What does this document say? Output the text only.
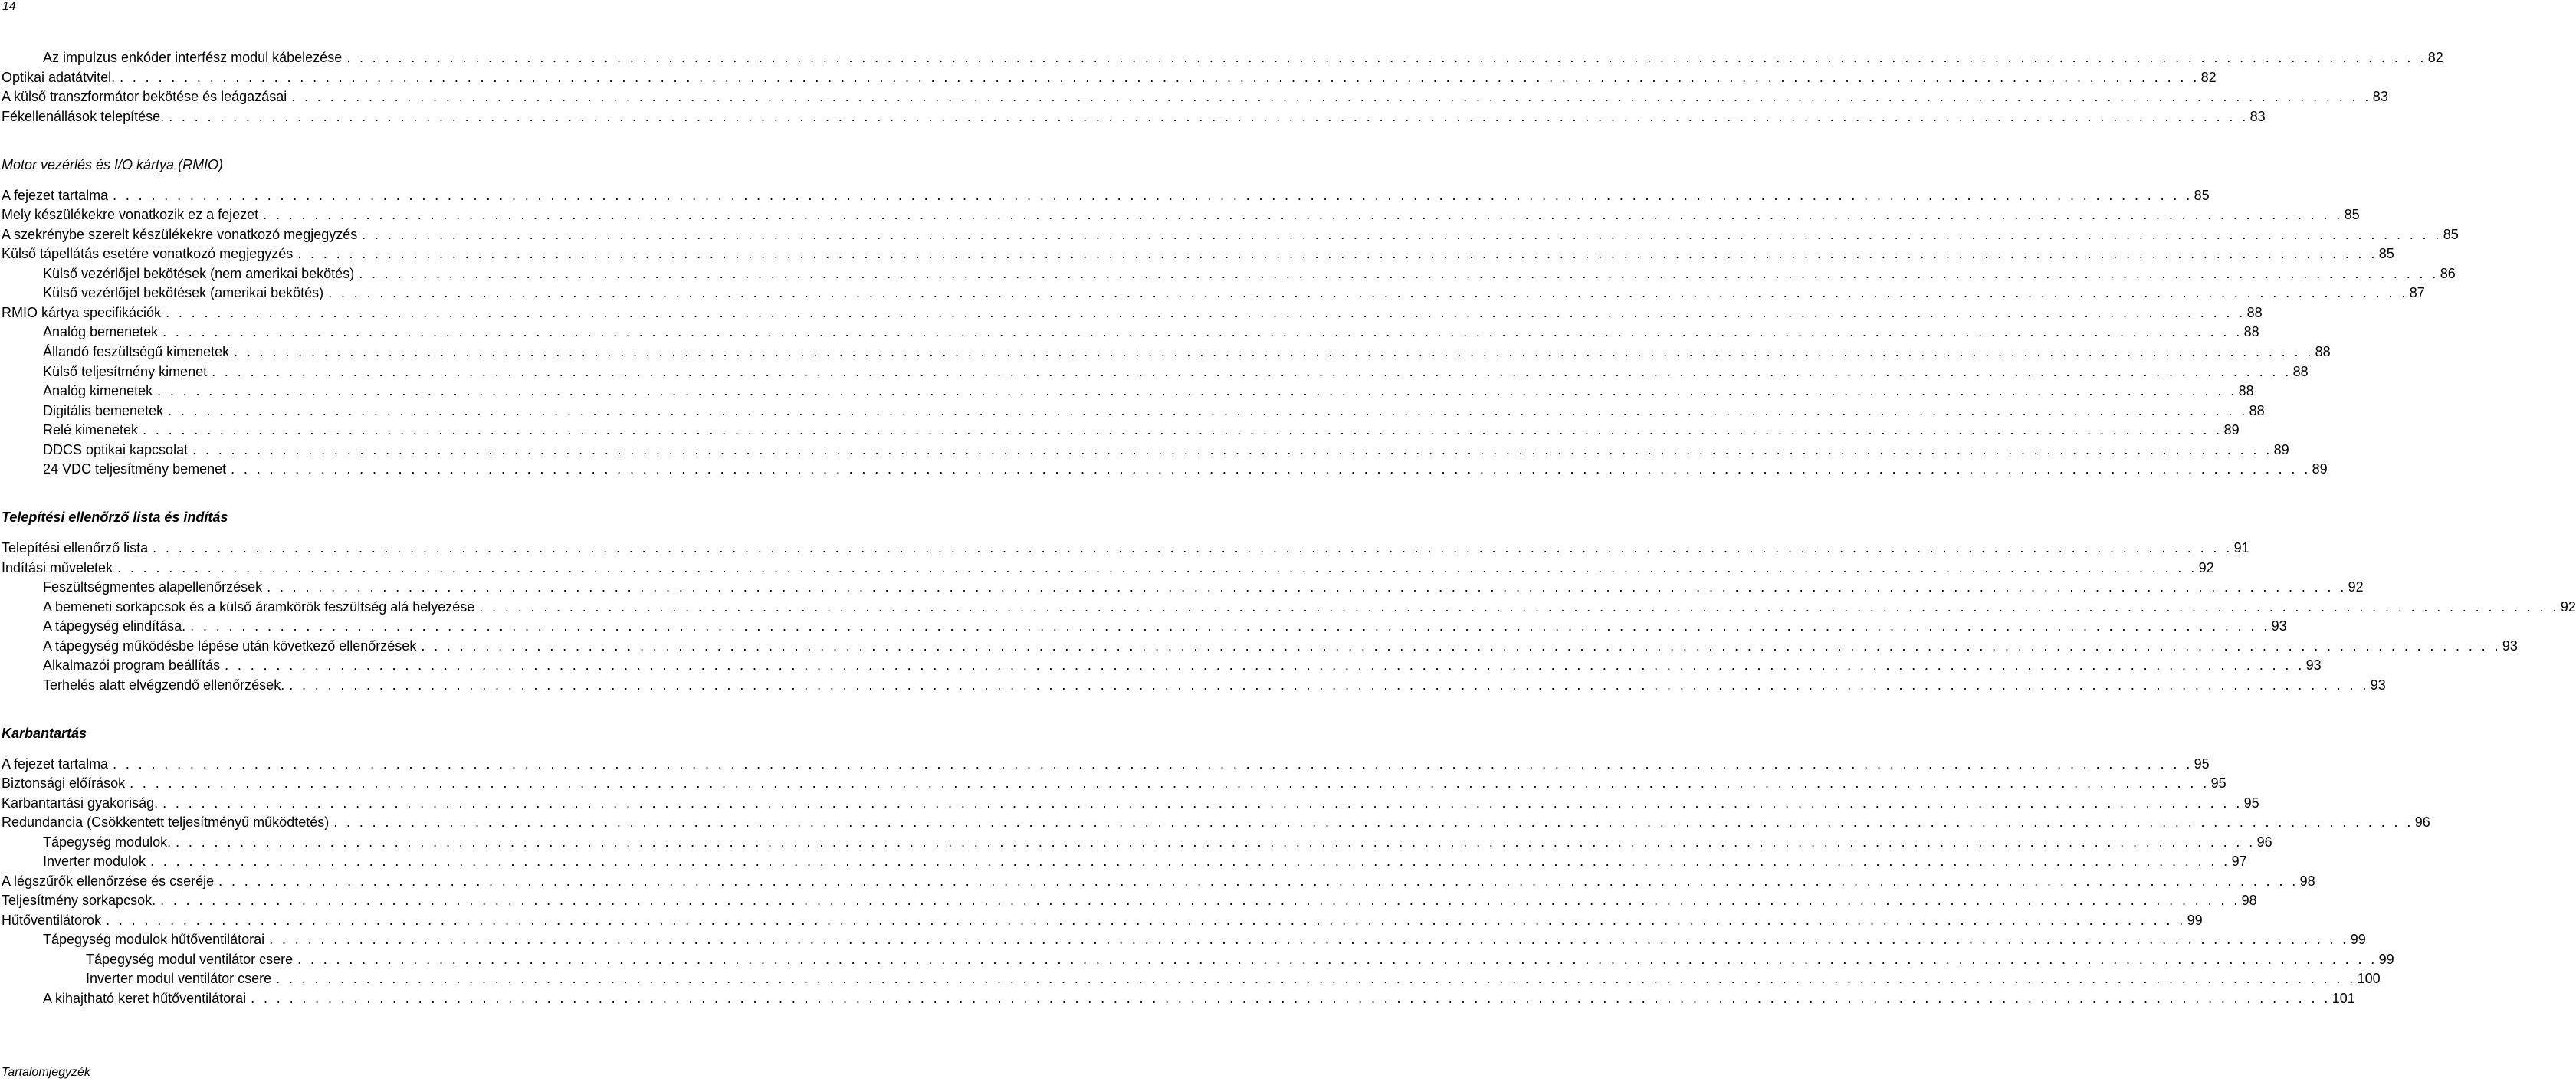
14
Az impulzus enkóder interfész modul kábelezése . . . . . . . . . . . . . . . . . . . . . . . . . . . . . . . . . . . . . . . . . . . . . . . . . . . . . . . . . . . . . . . . . . . . . . . . . . . . . . . . . . . . . . . . . . . . . . . . . . . . . . . . . . . . . . . . . . . . . . . . . . . . . . . . . . . . . . . . . . . . . . . . . . . . . . . . . . . . . . . . . . 82
Optikai adatátvitel. . . . . . . . . . . . . . . . . . . . . . . . . . . . . . . . . . . . . . . . . . . . . . . . . . . . . . . . . . . . . . . . . . . . . . . . . . . . . . . . . . . . . . . . . . . . . . . . . . . . . . . . . . . . . . . . . . . . . . . . . . . . . . . . . . . . . . . . . . . . . . . . . . . . . . . . . . . . . . . . . . . 82
A külső transzformátor bekötése és leágazásai . . . . . . . . . . . . . . . . . . . . . . . . . . . . . . . . . . . . . . . . . . . . . . . . . . . . . . . . . . . . . . . . . . . . . . . . . . . . . . . . . . . . . . . . . . . . . . . . . . . . . . . . . . . . . . . . . . . . . . . . . . . . . . . . . . . . . . . . . . . . . . . . . . . . . . . . . . . . . . . . . . 83
Fékellenállások telepítése. . . . . . . . . . . . . . . . . . . . . . . . . . . . . . . . . . . . . . . . . . . . . . . . . . . . . . . . . . . . . . . . . . . . . . . . . . . . . . . . . . . . . . . . . . . . . . . . . . . . . . . . . . . . . . . . . . . . . . . . . . . . . . . . . . . . . . . . . . . . . . . . . . . . . . . . . . . . . . . . . . . 83
Motor vezérlés és I/O kártya (RMIO)
A fejezet tartalma . . . . . . . . . . . . . . . . . . . . . . . . . . . . . . . . . . . . . . . . . . . . . . . . . . . . . . . . . . . . . . . . . . . . . . . . . . . . . . . . . . . . . . . . . . . . . . . . . . . . . . . . . . . . . . . . . . . . . . . . . . . . . . . . . . . . . . . . . . . . . . . . . . . . . . . . . . . . . . . . . . 85
Mely készülékekre vonatkozik ez a fejezet . . . . . . . . . . . . . . . . . . . . . . . . . . . . . . . . . . . . . . . . . . . . . . . . . . . . . . . . . . . . . . . . . . . . . . . . . . . . . . . . . . . . . . . . . . . . . . . . . . . . . . . . . . . . . . . . . . . . . . . . . . . . . . . . . . . . . . . . . . . . . . . . . . . . . . . . . . . . . . . . . . 85
A szekrénybe szerelt készülékekre vonatkozó megjegyzés . . . . . . . . . . . . . . . . . . . . . . . . . . . . . . . . . . . . . . . . . . . . . . . . . . . . . . . . . . . . . . . . . . . . . . . . . . . . . . . . . . . . . . . . . . . . . . . . . . . . . . . . . . . . . . . . . . . . . . . . . . . . . . . . . . . . . . . . . . . . . . . . . . . . . . . . . . . . . . . . . . 85
Külső tápellátás esetére vonatkozó megjegyzés . . . . . . . . . . . . . . . . . . . . . . . . . . . . . . . . . . . . . . . . . . . . . . . . . . . . . . . . . . . . . . . . . . . . . . . . . . . . . . . . . . . . . . . . . . . . . . . . . . . . . . . . . . . . . . . . . . . . . . . . . . . . . . . . . . . . . . . . . . . . . . . . . . . . . . . . . . . . . . . . . . 85
Külső vezérlőjel bekötések (nem amerikai bekötés) . . . . . . . . . . . . . . . . . . . . . . . . . . . . . . . . . . . . . . . . . . . . . . . . . . . . . . . . . . . . . . . . . . . . . . . . . . . . . . . . . . . . . . . . . . . . . . . . . . . . . . . . . . . . . . . . . . . . . . . . . . . . . . . . . . . . . . . . . . . . . . . . . . . . . . . . . . . . . . . . . . 86
Külső vezérlőjel bekötések (amerikai bekötés) . . . . . . . . . . . . . . . . . . . . . . . . . . . . . . . . . . . . . . . . . . . . . . . . . . . . . . . . . . . . . . . . . . . . . . . . . . . . . . . . . . . . . . . . . . . . . . . . . . . . . . . . . . . . . . . . . . . . . . . . . . . . . . . . . . . . . . . . . . . . . . . . . . . . . . . . . . . . . . . . . . 87
RMIO kártya specifikációk . . . . . . . . . . . . . . . . . . . . . . . . . . . . . . . . . . . . . . . . . . . . . . . . . . . . . . . . . . . . . . . . . . . . . . . . . . . . . . . . . . . . . . . . . . . . . . . . . . . . . . . . . . . . . . . . . . . . . . . . . . . . . . . . . . . . . . . . . . . . . . . . . . . . . . . . . . . . . . . . . . 88
Analóg bemenetek . . . . . . . . . . . . . . . . . . . . . . . . . . . . . . . . . . . . . . . . . . . . . . . . . . . . . . . . . . . . . . . . . . . . . . . . . . . . . . . . . . . . . . . . . . . . . . . . . . . . . . . . . . . . . . . . . . . . . . . . . . . . . . . . . . . . . . . . . . . . . . . . . . . . . . . . . . . . . . . . . . 88
Állandó feszültségű kimenetek . . . . . . . . . . . . . . . . . . . . . . . . . . . . . . . . . . . . . . . . . . . . . . . . . . . . . . . . . . . . . . . . . . . . . . . . . . . . . . . . . . . . . . . . . . . . . . . . . . . . . . . . . . . . . . . . . . . . . . . . . . . . . . . . . . . . . . . . . . . . . . . . . . . . . . . . . . . . . . . . . . 88
Külső teljesítmény kimenet . . . . . . . . . . . . . . . . . . . . . . . . . . . . . . . . . . . . . . . . . . . . . . . . . . . . . . . . . . . . . . . . . . . . . . . . . . . . . . . . . . . . . . . . . . . . . . . . . . . . . . . . . . . . . . . . . . . . . . . . . . . . . . . . . . . . . . . . . . . . . . . . . . . . . . . . . . . . . . . . . . 88
Analóg kimenetek . . . . . . . . . . . . . . . . . . . . . . . . . . . . . . . . . . . . . . . . . . . . . . . . . . . . . . . . . . . . . . . . . . . . . . . . . . . . . . . . . . . . . . . . . . . . . . . . . . . . . . . . . . . . . . . . . . . . . . . . . . . . . . . . . . . . . . . . . . . . . . . . . . . . . . . . . . . . . . . . . . 88
Digitális bemenetek . . . . . . . . . . . . . . . . . . . . . . . . . . . . . . . . . . . . . . . . . . . . . . . . . . . . . . . . . . . . . . . . . . . . . . . . . . . . . . . . . . . . . . . . . . . . . . . . . . . . . . . . . . . . . . . . . . . . . . . . . . . . . . . . . . . . . . . . . . . . . . . . . . . . . . . . . . . . . . . . . . 88
Relé kimenetek . . . . . . . . . . . . . . . . . . . . . . . . . . . . . . . . . . . . . . . . . . . . . . . . . . . . . . . . . . . . . . . . . . . . . . . . . . . . . . . . . . . . . . . . . . . . . . . . . . . . . . . . . . . . . . . . . . . . . . . . . . . . . . . . . . . . . . . . . . . . . . . . . . . . . . . . . . . . . . . . . . 89
DDCS optikai kapcsolat . . . . . . . . . . . . . . . . . . . . . . . . . . . . . . . . . . . . . . . . . . . . . . . . . . . . . . . . . . . . . . . . . . . . . . . . . . . . . . . . . . . . . . . . . . . . . . . . . . . . . . . . . . . . . . . . . . . . . . . . . . . . . . . . . . . . . . . . . . . . . . . . . . . . . . . . . . . . . . . . . . 89
24 VDC teljesítmény bemenet . . . . . . . . . . . . . . . . . . . . . . . . . . . . . . . . . . . . . . . . . . . . . . . . . . . . . . . . . . . . . . . . . . . . . . . . . . . . . . . . . . . . . . . . . . . . . . . . . . . . . . . . . . . . . . . . . . . . . . . . . . . . . . . . . . . . . . . . . . . . . . . . . . . . . . . . . . . . . . . . . . 89
Telepítési ellenőrző lista és indítás
Telepítési ellenőrző lista . . . . . . . . . . . . . . . . . . . . . . . . . . . . . . . . . . . . . . . . . . . . . . . . . . . . . . . . . . . . . . . . . . . . . . . . . . . . . . . . . . . . . . . . . . . . . . . . . . . . . . . . . . . . . . . . . . . . . . . . . . . . . . . . . . . . . . . . . . . . . . . . . . . . . . . . . . . . . . . . . . 91
Indítási műveletek . . . . . . . . . . . . . . . . . . . . . . . . . . . . . . . . . . . . . . . . . . . . . . . . . . . . . . . . . . . . . . . . . . . . . . . . . . . . . . . . . . . . . . . . . . . . . . . . . . . . . . . . . . . . . . . . . . . . . . . . . . . . . . . . . . . . . . . . . . . . . . . . . . . . . . . . . . . . . . . . . . 92
Feszültségmentes alapellenőrzések . . . . . . . . . . . . . . . . . . . . . . . . . . . . . . . . . . . . . . . . . . . . . . . . . . . . . . . . . . . . . . . . . . . . . . . . . . . . . . . . . . . . . . . . . . . . . . . . . . . . . . . . . . . . . . . . . . . . . . . . . . . . . . . . . . . . . . . . . . . . . . . . . . . . . . . . . . . . . . . . . . 92
A bemeneti sorkapcsok és a külső áramkörök feszültség alá helyezése . . . . . . . . . . . . . . . . . . . . . . . . . . . . . . . . . . . . . . . . . . . . . . . . . . . . . . . . . . . . . . . . . . . . . . . . . . . . . . . . . . . . . . . . . . . . . . . . . . . . . . . . . . . . . . . . . . . . . . . . . . . . . . . . . . . . . . . . . . . . . . . . . . . . . . . . . . . . . . . . . . 92
A tápegység elindítása. . . . . . . . . . . . . . . . . . . . . . . . . . . . . . . . . . . . . . . . . . . . . . . . . . . . . . . . . . . . . . . . . . . . . . . . . . . . . . . . . . . . . . . . . . . . . . . . . . . . . . . . . . . . . . . . . . . . . . . . . . . . . . . . . . . . . . . . . . . . . . . . . . . . . . . . . . . . . . . . . . . 93
A tápegység működésbe lépése után következő ellenőrzések . . . . . . . . . . . . . . . . . . . . . . . . . . . . . . . . . . . . . . . . . . . . . . . . . . . . . . . . . . . . . . . . . . . . . . . . . . . . . . . . . . . . . . . . . . . . . . . . . . . . . . . . . . . . . . . . . . . . . . . . . . . . . . . . . . . . . . . . . . . . . . . . . . . . . . . . . . . . . . . . . . 93
Alkalmazói program beállítás . . . . . . . . . . . . . . . . . . . . . . . . . . . . . . . . . . . . . . . . . . . . . . . . . . . . . . . . . . . . . . . . . . . . . . . . . . . . . . . . . . . . . . . . . . . . . . . . . . . . . . . . . . . . . . . . . . . . . . . . . . . . . . . . . . . . . . . . . . . . . . . . . . . . . . . . . . . . . . . . . . 93
Terhelés alatt elvégzendő ellenőrzések. . . . . . . . . . . . . . . . . . . . . . . . . . . . . . . . . . . . . . . . . . . . . . . . . . . . . . . . . . . . . . . . . . . . . . . . . . . . . . . . . . . . . . . . . . . . . . . . . . . . . . . . . . . . . . . . . . . . . . . . . . . . . . . . . . . . . . . . . . . . . . . . . . . . . . . . . . . . . . . . . . . 93
Karbantartás
A fejezet tartalma . . . . . . . . . . . . . . . . . . . . . . . . . . . . . . . . . . . . . . . . . . . . . . . . . . . . . . . . . . . . . . . . . . . . . . . . . . . . . . . . . . . . . . . . . . . . . . . . . . . . . . . . . . . . . . . . . . . . . . . . . . . . . . . . . . . . . . . . . . . . . . . . . . . . . . . . . . . . . . . . . . 95
Biztonsági előírások . . . . . . . . . . . . . . . . . . . . . . . . . . . . . . . . . . . . . . . . . . . . . . . . . . . . . . . . . . . . . . . . . . . . . . . . . . . . . . . . . . . . . . . . . . . . . . . . . . . . . . . . . . . . . . . . . . . . . . . . . . . . . . . . . . . . . . . . . . . . . . . . . . . . . . . . . . . . . . . . . . 95
Karbantartási gyakoriság. . . . . . . . . . . . . . . . . . . . . . . . . . . . . . . . . . . . . . . . . . . . . . . . . . . . . . . . . . . . . . . . . . . . . . . . . . . . . . . . . . . . . . . . . . . . . . . . . . . . . . . . . . . . . . . . . . . . . . . . . . . . . . . . . . . . . . . . . . . . . . . . . . . . . . . . . . . . . . . . . . . 95
Redundancia (Csökkentett teljesítményű működtetés) . . . . . . . . . . . . . . . . . . . . . . . . . . . . . . . . . . . . . . . . . . . . . . . . . . . . . . . . . . . . . . . . . . . . . . . . . . . . . . . . . . . . . . . . . . . . . . . . . . . . . . . . . . . . . . . . . . . . . . . . . . . . . . . . . . . . . . . . . . . . . . . . . . . . . . . . . . . . . . . . . . 96
Tápegység modulok. . . . . . . . . . . . . . . . . . . . . . . . . . . . . . . . . . . . . . . . . . . . . . . . . . . . . . . . . . . . . . . . . . . . . . . . . . . . . . . . . . . . . . . . . . . . . . . . . . . . . . . . . . . . . . . . . . . . . . . . . . . . . . . . . . . . . . . . . . . . . . . . . . . . . . . . . . . . . . . . . . . 96
Inverter modulok . . . . . . . . . . . . . . . . . . . . . . . . . . . . . . . . . . . . . . . . . . . . . . . . . . . . . . . . . . . . . . . . . . . . . . . . . . . . . . . . . . . . . . . . . . . . . . . . . . . . . . . . . . . . . . . . . . . . . . . . . . . . . . . . . . . . . . . . . . . . . . . . . . . . . . . . . . . . . . . . . . 97
A légszűrők ellenőrzése és cseréje . . . . . . . . . . . . . . . . . . . . . . . . . . . . . . . . . . . . . . . . . . . . . . . . . . . . . . . . . . . . . . . . . . . . . . . . . . . . . . . . . . . . . . . . . . . . . . . . . . . . . . . . . . . . . . . . . . . . . . . . . . . . . . . . . . . . . . . . . . . . . . . . . . . . . . . . . . . . . . . . . . 98
Teljesítmény sorkapcsok. . . . . . . . . . . . . . . . . . . . . . . . . . . . . . . . . . . . . . . . . . . . . . . . . . . . . . . . . . . . . . . . . . . . . . . . . . . . . . . . . . . . . . . . . . . . . . . . . . . . . . . . . . . . . . . . . . . . . . . . . . . . . . . . . . . . . . . . . . . . . . . . . . . . . . . . . . . . . . . . . . . 98
Hűtőventilátorok . . . . . . . . . . . . . . . . . . . . . . . . . . . . . . . . . . . . . . . . . . . . . . . . . . . . . . . . . . . . . . . . . . . . . . . . . . . . . . . . . . . . . . . . . . . . . . . . . . . . . . . . . . . . . . . . . . . . . . . . . . . . . . . . . . . . . . . . . . . . . . . . . . . . . . . . . . . . . . . . . . 99
Tápegység modulok hűtőventilátorai . . . . . . . . . . . . . . . . . . . . . . . . . . . . . . . . . . . . . . . . . . . . . . . . . . . . . . . . . . . . . . . . . . . . . . . . . . . . . . . . . . . . . . . . . . . . . . . . . . . . . . . . . . . . . . . . . . . . . . . . . . . . . . . . . . . . . . . . . . . . . . . . . . . . . . . . . . . . . . . . . . 99
Tápegység modul ventilátor csere . . . . . . . . . . . . . . . . . . . . . . . . . . . . . . . . . . . . . . . . . . . . . . . . . . . . . . . . . . . . . . . . . . . . . . . . . . . . . . . . . . . . . . . . . . . . . . . . . . . . . . . . . . . . . . . . . . . . . . . . . . . . . . . . . . . . . . . . . . . . . . . . . . . . . . . . . . . . . . . . . . 99
Inverter modul ventilátor csere . . . . . . . . . . . . . . . . . . . . . . . . . . . . . . . . . . . . . . . . . . . . . . . . . . . . . . . . . . . . . . . . . . . . . . . . . . . . . . . . . . . . . . . . . . . . . . . . . . . . . . . . . . . . . . . . . . . . . . . . . . . . . . . . . . . . . . . . . . . . . . . . . . . . . . . . . . . . . . . . . . 100
A kihajtható keret hűtőventilátorai . . . . . . . . . . . . . . . . . . . . . . . . . . . . . . . . . . . . . . . . . . . . . . . . . . . . . . . . . . . . . . . . . . . . . . . . . . . . . . . . . . . . . . . . . . . . . . . . . . . . . . . . . . . . . . . . . . . . . . . . . . . . . . . . . . . . . . . . . . . . . . . . . . . . . . . . . . . . . . . . . . 101
Tartalomjegyzék
